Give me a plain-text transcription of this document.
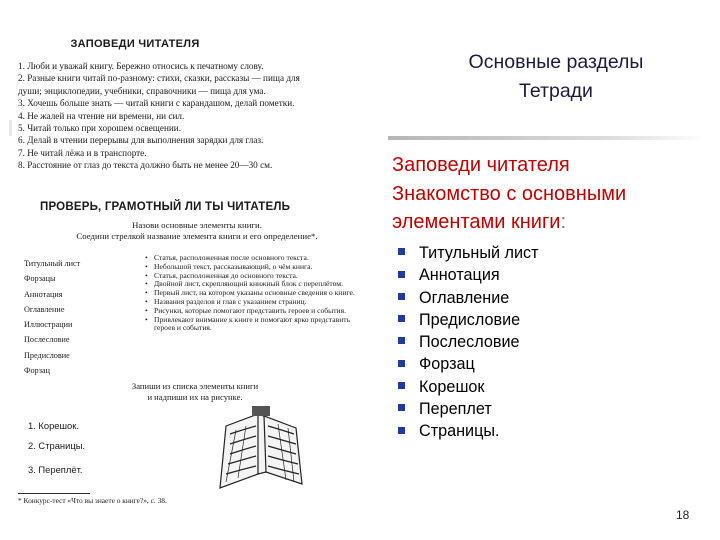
ЗАПОВЕДИ ЧИТАТЕЛЯ
1. Люби и уважай книгу. Бережно относись к печатному слову.
2. Разные книги читай по-разному: стихи, сказки, рассказы — пища для
души; энциклопедии, учебники, справочники — пища для ума.
3. Хочешь больше знать — читай книги с карандашом, делай пометки.
4. Не жалей на чтение ни времени, ни сил.
5. Читай только при хорошем освещении.
6. Делай в чтении перерывы для выполнения зарядки для глаз.
7. Не читай лёжа и в транспорте.
8. Расстояние от глаз до текста должно быть не менее 20—30 см.
ПРОВЕРЬ, ГРАМОТНЫЙ ЛИ ТЫ ЧИТАТЕЛЬ
Назови основные элементы книги.
Соедини стрелкой название элемента книги и его определение*.
Титульный лист
Форзацы
Аннотация
Оглавление
Иллюстрации
Послесловие
Предисловие
Форзац
• Статья, расположенная после основного текста.
• Небольшой текст, рассказывающий, о чём книга.
• Статья, расположенная до основного текста.
• Двойной лист, скрепляющий книжный блок с переплётом.
• Первый лист, на котором указаны основные сведения о книге.
• Названия разделов и глав с указанием страниц.
• Рисунки, которые помогают представить героев и события.
• Привлекают внимание к книге и помогают ярко представить героев и события.
Запиши из списка элементы книги
и надпиши их на рисунке.
1. Корешок.
2. Страницы.
3. Переплёт.
* Конкурс-тест «Что вы знаете о книге?», с. 38.
Основные разделы
Тетради
Заповеди читателя
Знакомство с основными
элементами книги:
Титульный лист
Аннотация
Оглавление
Предисловие
Послесловие
Форзац
Корешок
Переплет
Страницы.
18
